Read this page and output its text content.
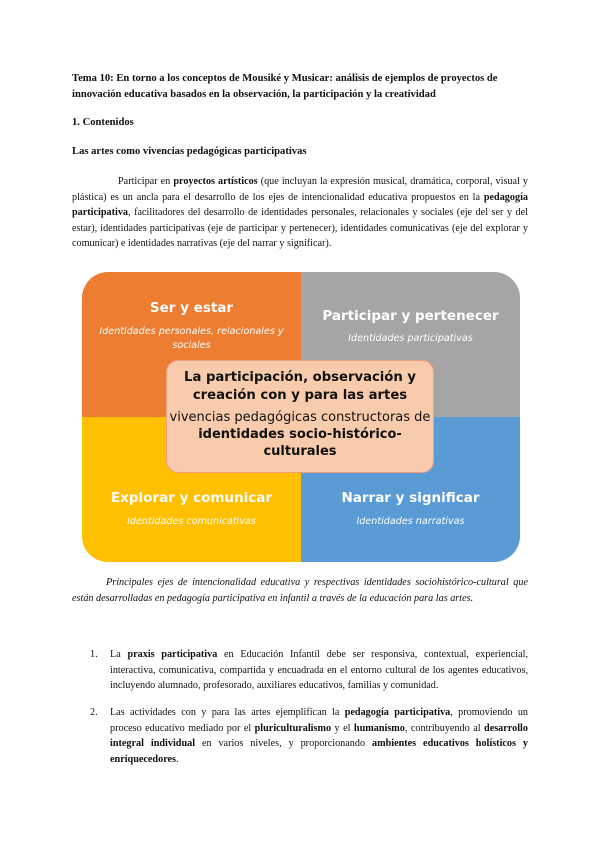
Tema 10: En torno a los conceptos de Mousiké y Musicar: análisis de ejemplos de proyectos de innovación educativa basados en la observación, la participación y la creatividad

1. Contenidos

Las artes como vivencias pedagógicas participativas

Participar en proyectos artísticos (que incluyan la expresión musical, dramática, corporal, visual y plástica) es un ancla para el desarrollo de los ejes de intencionalidad educativa propuestos en la pedagogía participativa, facilitadores del desarrollo de identidades personales, relacionales y sociales (eje del ser y del estar), identidades participativas (eje de participar y pertenecer), identidades comunicativas (eje del explorar y comunicar) e identidades narrativas (eje del narrar y significar).

Ser y estar

Identidades personales, relacionales y sociales

Participar y pertenecer

Identidades participativas

Explorar y comunicar

Identidades comunicativas

Narrar y significar

Identidades narrativas

La participación, observación y creación con y para las artes

vivencias pedagógicas constructoras de identidades socio-histórico-culturales

Principales ejes de intencionalidad educativa y respectivas identidades sociohistórico-cultural que están desarrolladas en pedagogía participativa en infantil a través de la educación para las artes.

1. La praxis participativa en Educación Infantil debe ser responsiva, contextual, experiencial, interactiva, comunicativa, compartida y encuadrada en el entorno cultural de los agentes educativos, incluyendo alumnado, profesorado, auxiliares educativos, familias y comunidad.

2. Las actividades con y para las artes ejemplifican la pedagogía participativa, promoviendo un proceso educativo mediado por el pluriculturalismo y el humanismo, contribuyendo al desarrollo integral individual en varios niveles, y proporcionando ambientes educativos holísticos y enriquecedores.
